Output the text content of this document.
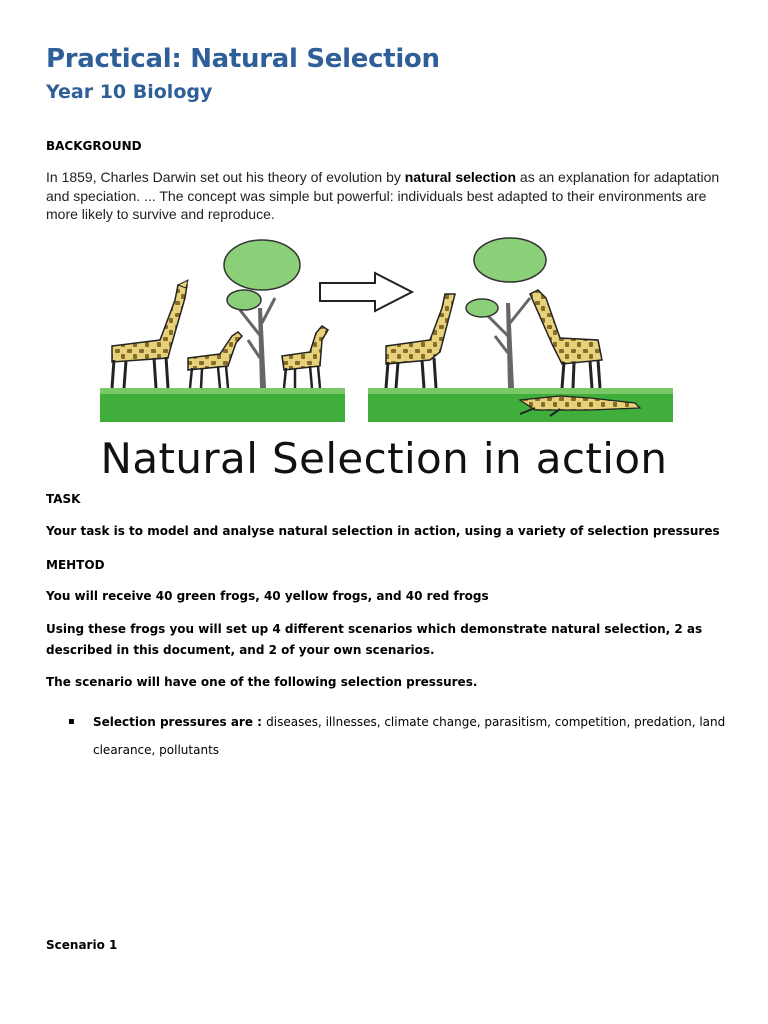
Practical: Natural Selection
Year 10 Biology
BACKGROUND

In 1859, Charles Darwin set out his theory of evolution by natural selection as an explanation for adaptation and speciation. ... The concept was simple but powerful: individuals best adapted to their environments are more likely to survive and reproduce.

Natural Selection in action
TASK

Your task is to model and analyse natural selection in action, using a variety of selection pressures

MEHTOD

You will receive 40 green frogs, 40 yellow frogs, and 40 red frogs

Using these frogs you will set up 4 different scenarios which demonstrate natural selection, 2 as described in this document, and 2 of your own scenarios.

The scenario will have one of the following selection pressures.

▪ Selection pressures are : diseases, illnesses, climate change, parasitism, competition, predation, land clearance, pollutants
Scenario 1
